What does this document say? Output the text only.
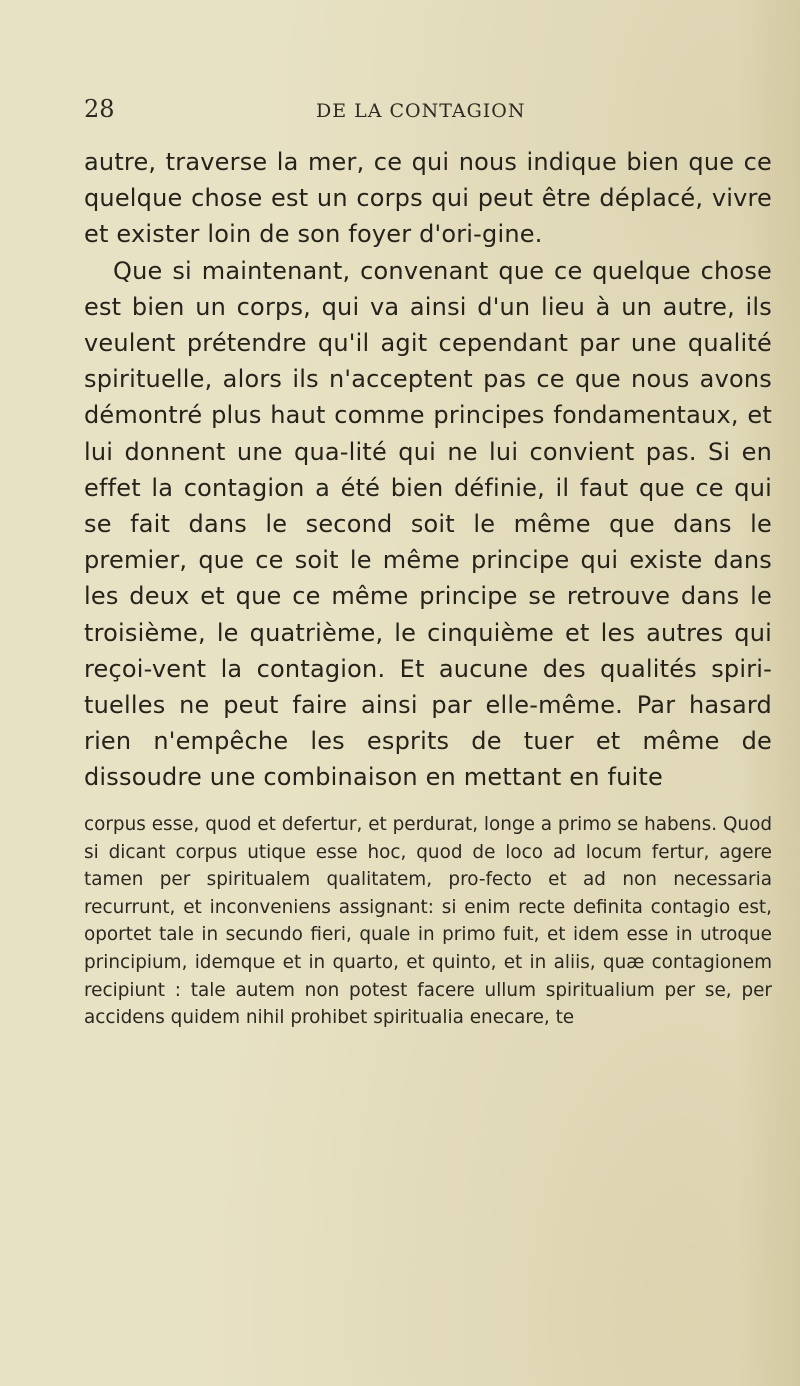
28	DE LA CONTAGION

autre, traverse la mer, ce qui nous indique bien que ce quelque chose est un corps qui peut être déplacé, vivre et exister loin de son foyer d'ori-gine.

Que si maintenant, convenant que ce quelque chose est bien un corps, qui va ainsi d'un lieu à un autre, ils veulent prétendre qu'il agit cependant par une qualité spirituelle, alors ils n'acceptent pas ce que nous avons démontré plus haut comme principes fondamentaux, et lui donnent une qua-lité qui ne lui convient pas. Si en effet la contagion a été bien définie, il faut que ce qui se fait dans le second soit le même que dans le premier, que ce soit le même principe qui existe dans les deux et que ce même principe se retrouve dans le troisième, le quatrième, le cinquième et les autres qui reçoi-vent la contagion. Et aucune des qualités spiri-tuelles ne peut faire ainsi par elle-même. Par hasard rien n'empêche les esprits de tuer et même de dissoudre une combinaison en mettant en fuite

corpus esse, quod et defertur, et perdurat, longe a primo se habens. Quod si dicant corpus utique esse hoc, quod de loco ad locum fertur, agere tamen per spiritualem qualitatem, pro-fecto et ad non necessaria recurrunt, et inconveniens assignant: si enim recte definita contagio est, oportet tale in secundo fieri, quale in primo fuit, et idem esse in utroque principium, idemque et in quarto, et quinto, et in aliis, quæ contagionem recipiunt : tale autem non potest facere ullum spiritualium per se, per accidens quidem nihil prohibet spiritualia enecare, te
